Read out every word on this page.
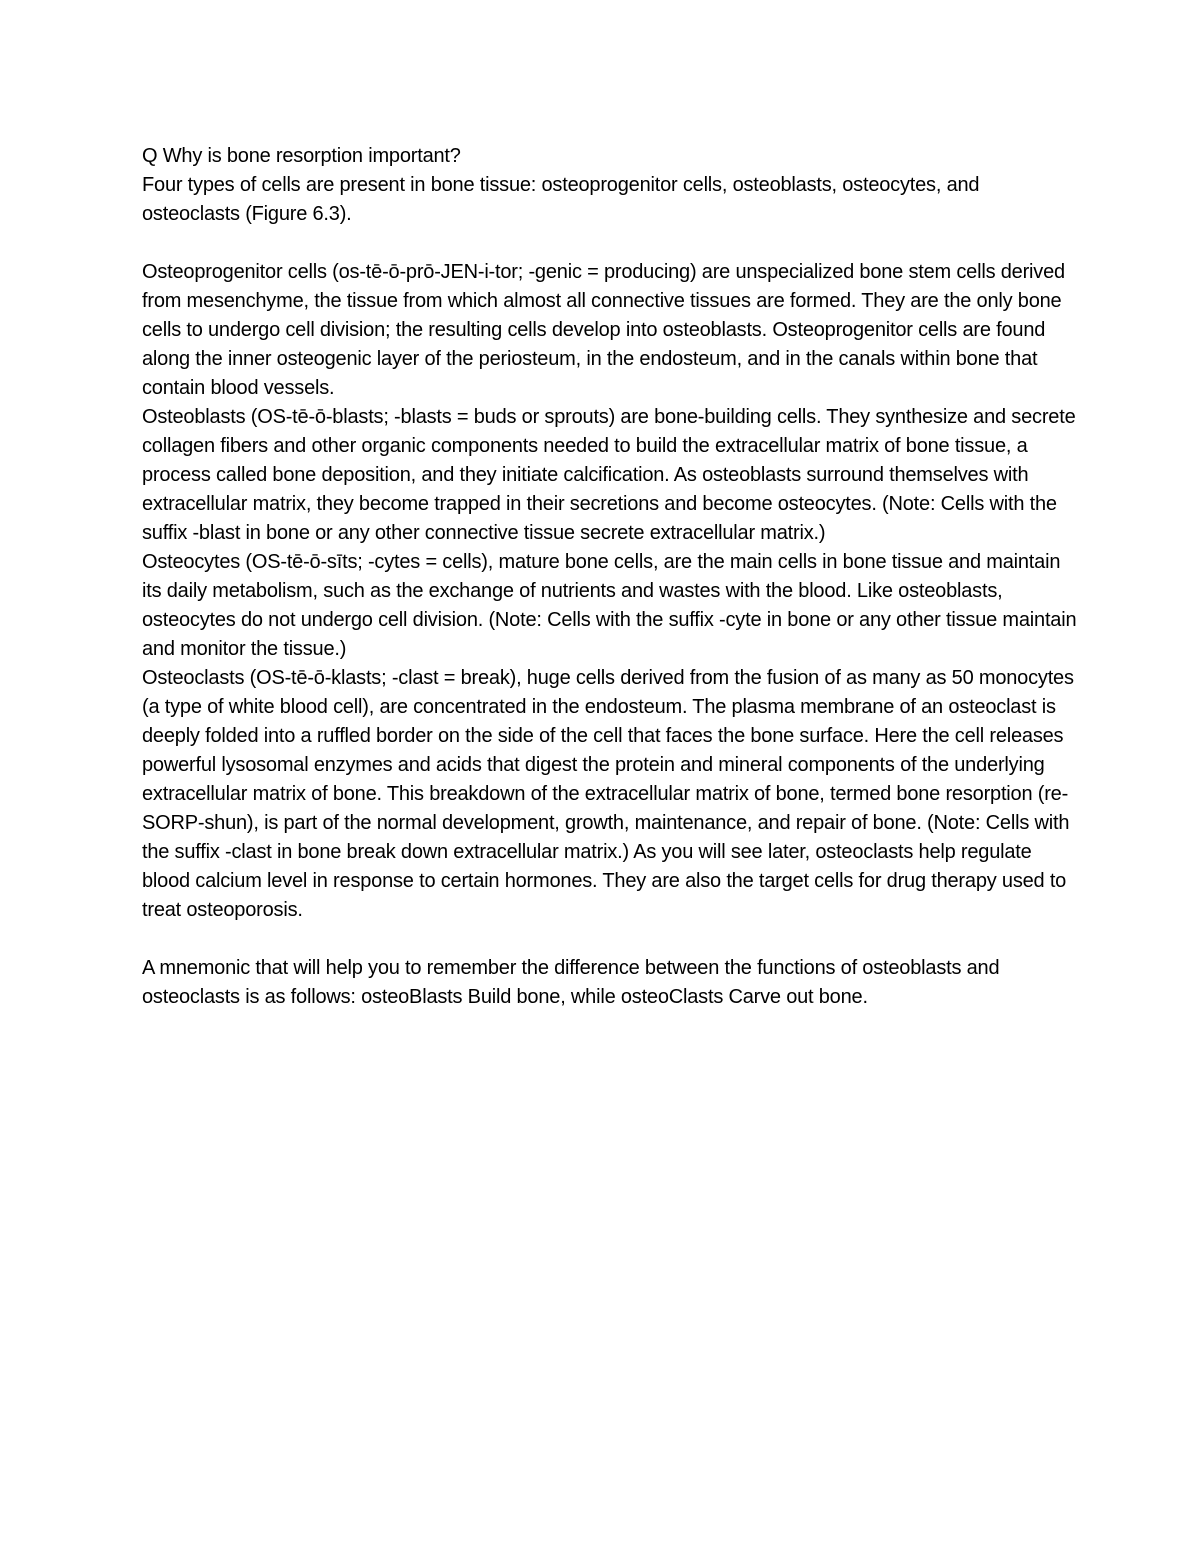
Q Why is bone resorption important?

Four types of cells are present in bone tissue: osteoprogenitor cells, osteoblasts, osteocytes, and osteoclasts (Figure 6.3).

Osteoprogenitor cells (os-tē-ō-prō-JEN-i-tor; -genic = producing) are unspecialized bone stem cells derived from mesenchyme, the tissue from which almost all connective tissues are formed. They are the only bone cells to undergo cell division; the resulting cells develop into osteoblasts. Osteoprogenitor cells are found along the inner osteogenic layer of the periosteum, in the endosteum, and in the canals within bone that contain blood vessels.

Osteoblasts (OS-tē-ō-blasts; -blasts = buds or sprouts) are bone-building cells. They synthesize and secrete collagen fibers and other organic components needed to build the extracellular matrix of bone tissue, a process called bone deposition, and they initiate calcification. As osteoblasts surround themselves with extracellular matrix, they become trapped in their secretions and become osteocytes. (Note: Cells with the suffix -blast in bone or any other connective tissue secrete extracellular matrix.)

Osteocytes (OS-tē-ō-sīts; -cytes = cells), mature bone cells, are the main cells in bone tissue and maintain its daily metabolism, such as the exchange of nutrients and wastes with the blood. Like osteoblasts, osteocytes do not undergo cell division. (Note: Cells with the suffix -cyte in bone or any other tissue maintain and monitor the tissue.)

Osteoclasts (OS-tē-ō-klasts; -clast = break), huge cells derived from the fusion of as many as 50 monocytes (a type of white blood cell), are concentrated in the endosteum. The plasma membrane of an osteoclast is deeply folded into a ruffled border on the side of the cell that faces the bone surface. Here the cell releases powerful lysosomal enzymes and acids that digest the protein and mineral components of the underlying extracellular matrix of bone. This breakdown of the extracellular matrix of bone, termed bone resorption (re-SORP-shun), is part of the normal development, growth, maintenance, and repair of bone. (Note: Cells with the suffix -clast in bone break down extracellular matrix.) As you will see later, osteoclasts help regulate blood calcium level in response to certain hormones. They are also the target cells for drug therapy used to treat osteoporosis.

A mnemonic that will help you to remember the difference between the functions of osteoblasts and osteoclasts is as follows: osteoBlasts Build bone, while osteoClasts Carve out bone.
